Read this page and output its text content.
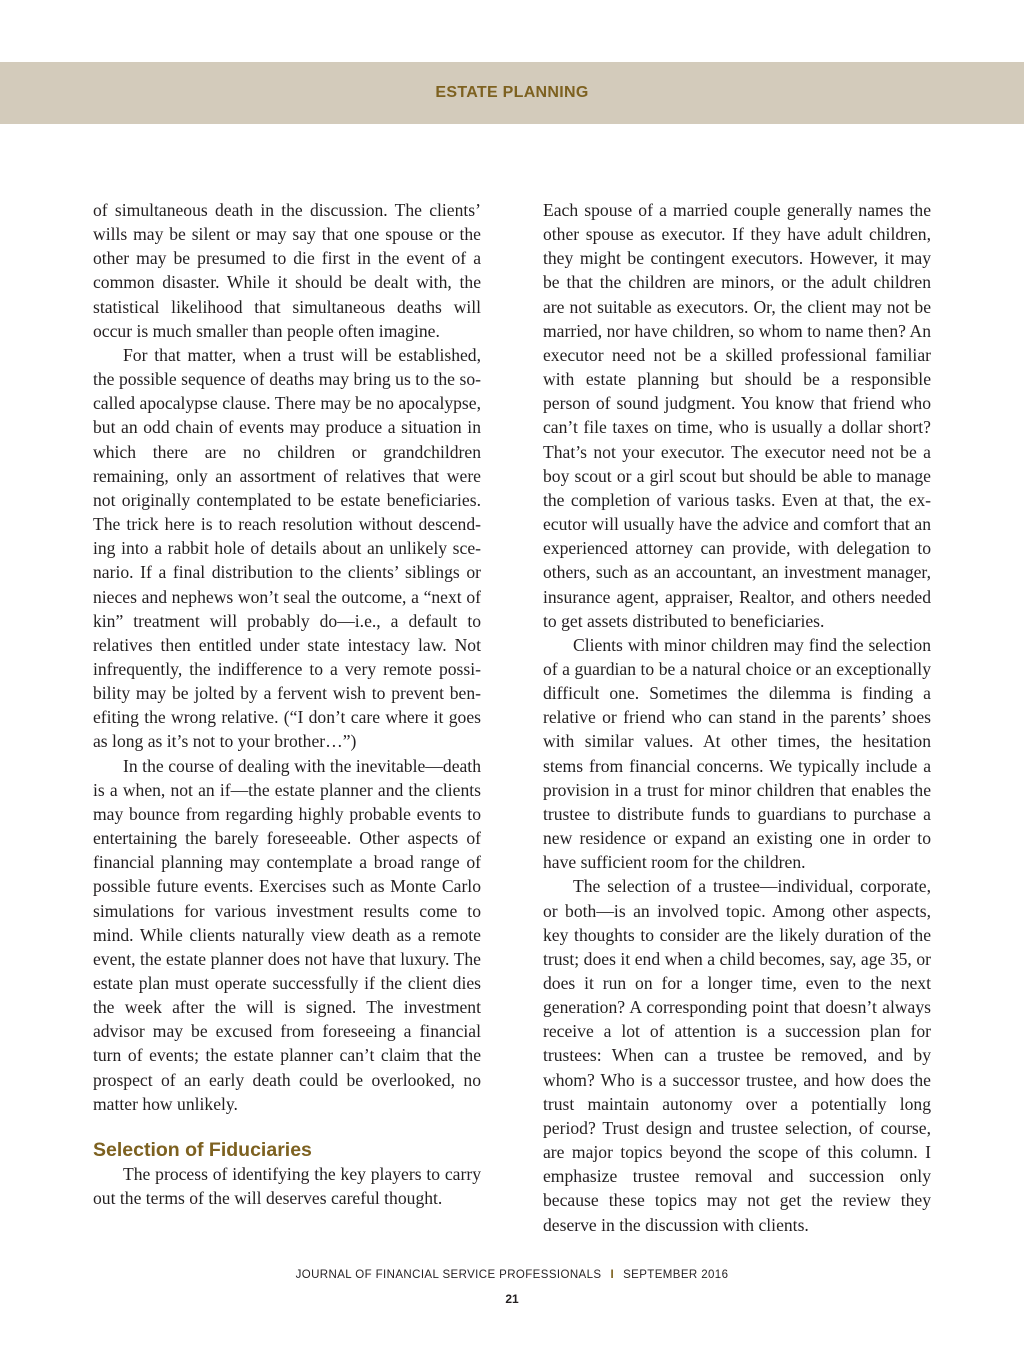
ESTATE PLANNING

of simultaneous death in the discussion. The clients’ wills may be silent or may say that one spouse or the other may be presumed to die first in the event of a common disaster. While it should be dealt with, the statistical likelihood that simultaneous deaths will occur is much smaller than people often imagine.

For that matter, when a trust will be established, the possible sequence of deaths may bring us to the so-called apocalypse clause. There may be no apocalypse, but an odd chain of events may produce a situation in which there are no children or grandchildren remaining, only an assortment of relatives that were not originally contemplated to be estate beneficiaries. The trick here is to reach resolution without descending into a rabbit hole of details about an unlikely scenario. If a final distribution to the clients’ siblings or nieces and nephews won’t seal the outcome, a “next of kin” treatment will probably do—i.e., a default to relatives then entitled under state intestacy law. Not infrequently, the indifference to a very remote possibility may be jolted by a fervent wish to prevent benefiting the wrong relative. (“I don’t care where it goes as long as it’s not to your brother…”)

In the course of dealing with the inevitable—death is a when, not an if—the estate planner and the clients may bounce from regarding highly probable events to entertaining the barely foreseeable. Other aspects of financial planning may contemplate a broad range of possible future events. Exercises such as Monte Carlo simulations for various investment results come to mind. While clients naturally view death as a remote event, the estate planner does not have that luxury. The estate plan must operate successfully if the client dies the week after the will is signed. The investment advisor may be excused from foreseeing a financial turn of events; the estate planner can’t claim that the prospect of an early death could be overlooked, no matter how unlikely.

Selection of Fiduciaries

The process of identifying the key players to carry out the terms of the will deserves careful thought.

Each spouse of a married couple generally names the other spouse as executor. If they have adult children, they might be contingent executors. However, it may be that the children are minors, or the adult children are not suitable as executors. Or, the client may not be married, nor have children, so whom to name then? An executor need not be a skilled professional familiar with estate planning but should be a responsible person of sound judgment. You know that friend who can’t file taxes on time, who is usually a dollar short? That’s not your executor. The executor need not be a boy scout or a girl scout but should be able to manage the completion of various tasks. Even at that, the executor will usually have the advice and comfort that an experienced attorney can provide, with delegation to others, such as an accountant, an investment manager, insurance agent, appraiser, Realtor, and others needed to get assets distributed to beneficiaries.

Clients with minor children may find the selection of a guardian to be a natural choice or an exceptionally difficult one. Sometimes the dilemma is finding a relative or friend who can stand in the parents’ shoes with similar values. At other times, the hesitation stems from financial concerns. We typically include a provision in a trust for minor children that enables the trustee to distribute funds to guardians to purchase a new residence or expand an existing one in order to have sufficient room for the children.

The selection of a trustee—individual, corporate, or both—is an involved topic. Among other aspects, key thoughts to consider are the likely duration of the trust; does it end when a child becomes, say, age 35, or does it run on for a longer time, even to the next generation? A corresponding point that doesn’t always receive a lot of attention is a succession plan for trustees: When can a trustee be removed, and by whom? Who is a successor trustee, and how does the trust maintain autonomy over a potentially long period? Trust design and trustee selection, of course, are major topics beyond the scope of this column. I emphasize trustee removal and succession only because these topics may not get the review they deserve in the discussion with clients.

JOURNAL OF FINANCIAL SERVICE PROFESSIONALS I SEPTEMBER 2016
21
